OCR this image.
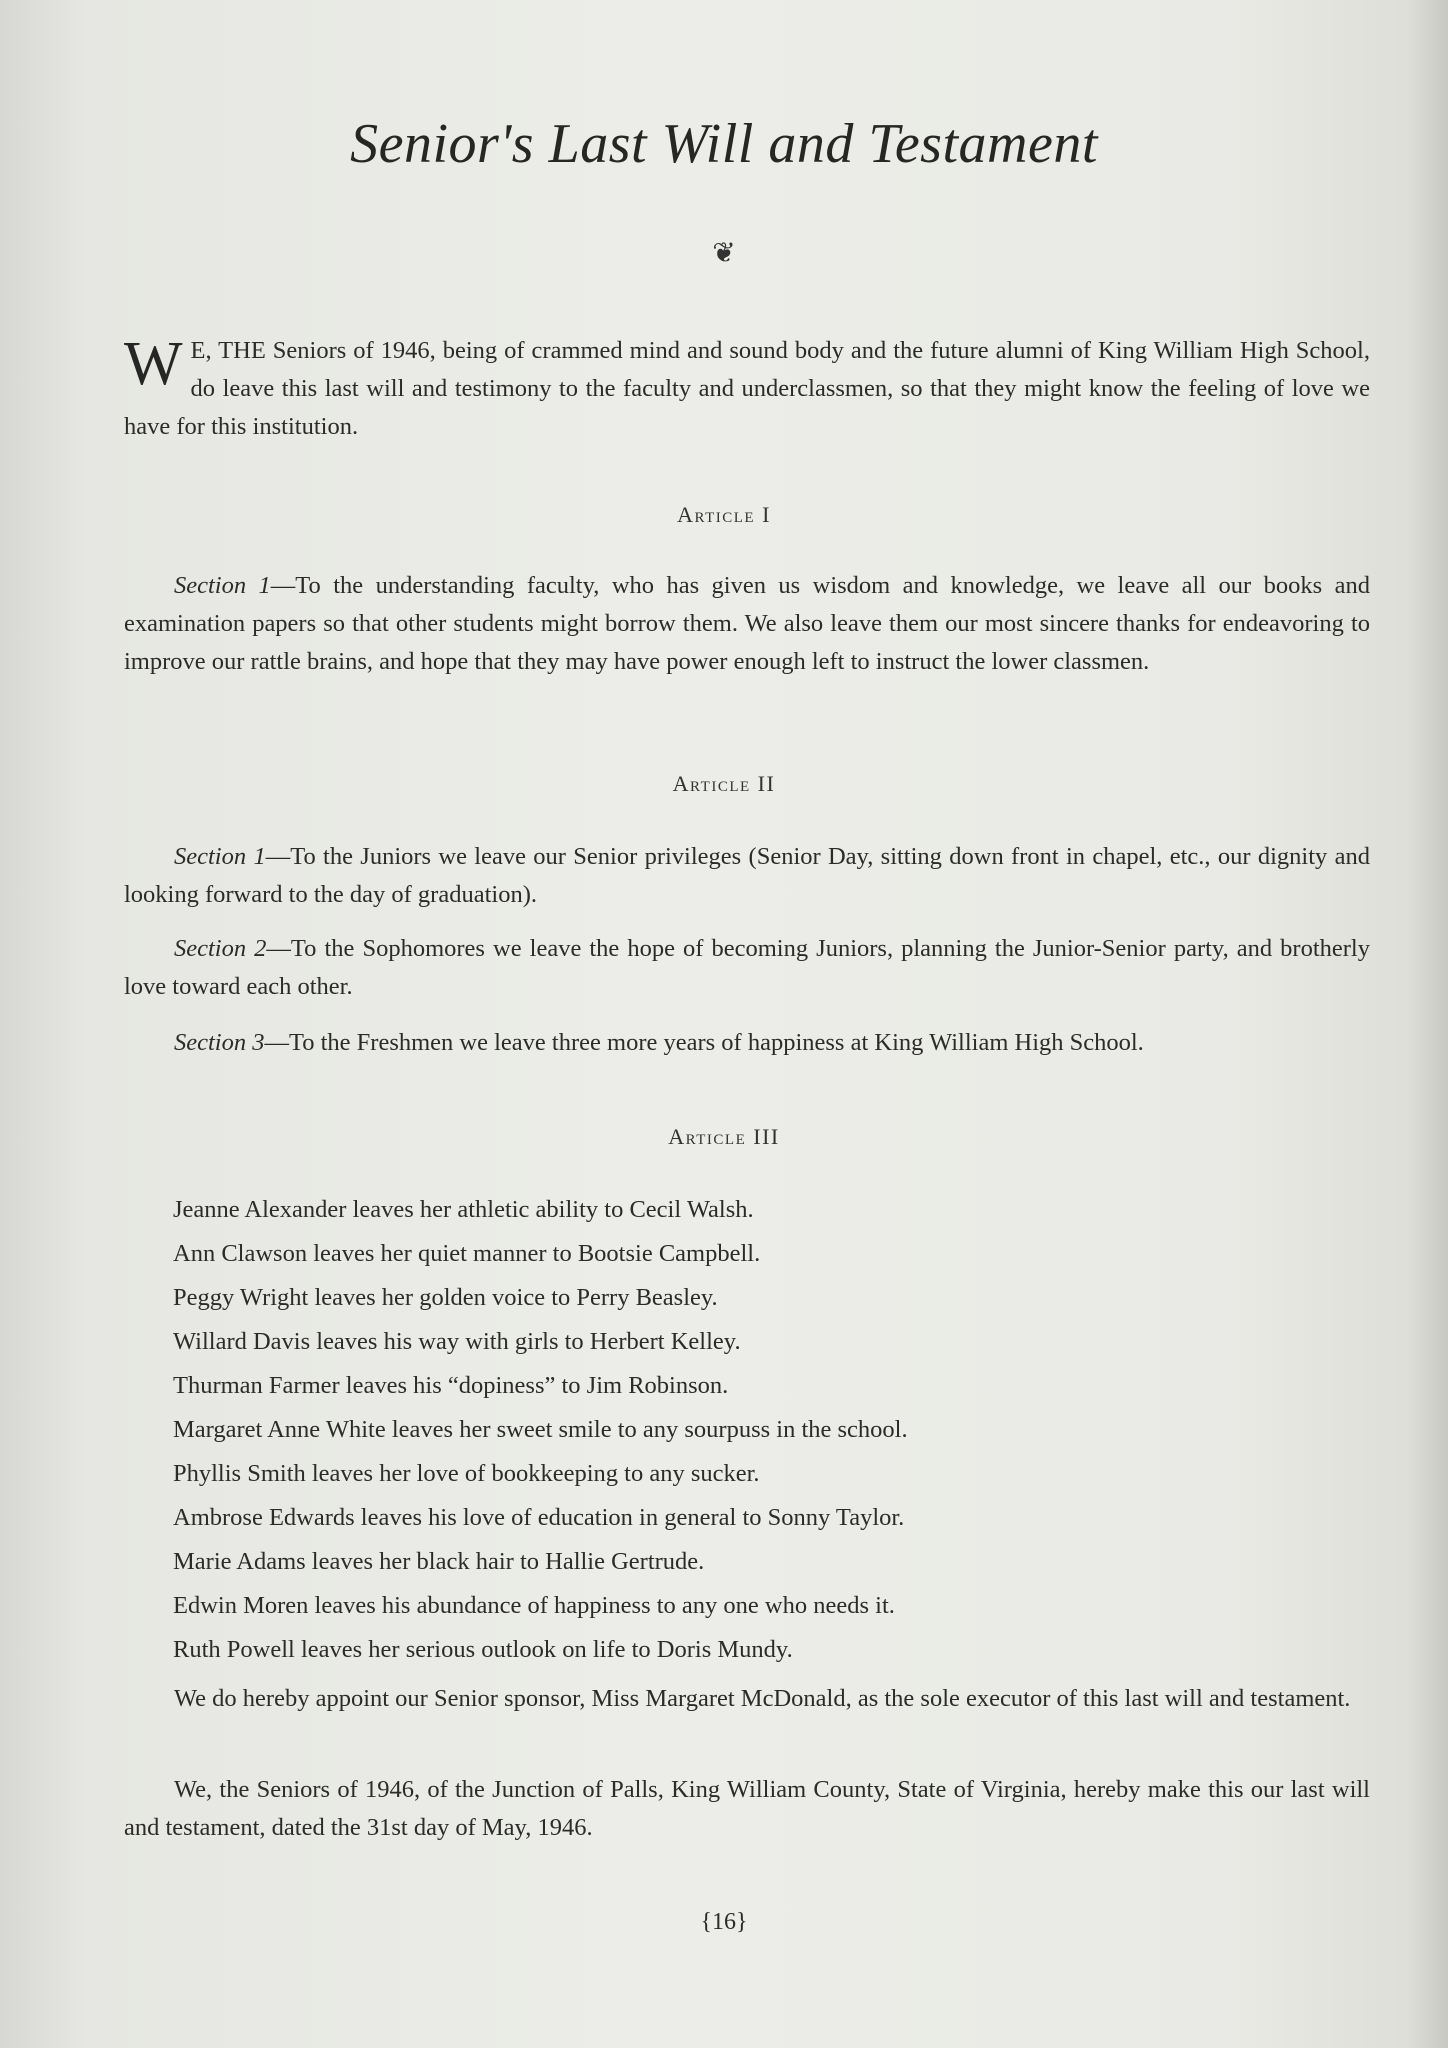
Senior's Last Will and Testament
❦
W E, THE Seniors of 1946, being of crammed mind and sound body and the future alumni of King William High School, do leave this last will and testimony to the faculty and underclassmen, so that they might know the feeling of love we have for this institution.
Article I
Section 1—To the understanding faculty, who has given us wisdom and knowledge, we leave all our books and examination papers so that other students might borrow them. We also leave them our most sincere thanks for endeavoring to improve our rattle brains, and hope that they may have power enough left to instruct the lower classmen.
Article II
Section 1—To the Juniors we leave our Senior privileges (Senior Day, sitting down front in chapel, etc., our dignity and looking forward to the day of graduation).
Section 2—To the Sophomores we leave the hope of becoming Juniors, planning the Junior-Senior party, and brotherly love toward each other.
Section 3—To the Freshmen we leave three more years of happiness at King William High School.
Article III
Jeanne Alexander leaves her athletic ability to Cecil Walsh.
Ann Clawson leaves her quiet manner to Bootsie Campbell.
Peggy Wright leaves her golden voice to Perry Beasley.
Willard Davis leaves his way with girls to Herbert Kelley.
Thurman Farmer leaves his “dopiness” to Jim Robinson.
Margaret Anne White leaves her sweet smile to any sourpuss in the school.
Phyllis Smith leaves her love of bookkeeping to any sucker.
Ambrose Edwards leaves his love of education in general to Sonny Taylor.
Marie Adams leaves her black hair to Hallie Gertrude.
Edwin Moren leaves his abundance of happiness to any one who needs it.
Ruth Powell leaves her serious outlook on life to Doris Mundy.
We do hereby appoint our Senior sponsor, Miss Margaret McDonald, as the sole executor of this last will and testament.
We, the Seniors of 1946, of the Junction of Palls, King William County, State of Virginia, hereby make this our last will and testament, dated the 31st day of May, 1946.
{16}
